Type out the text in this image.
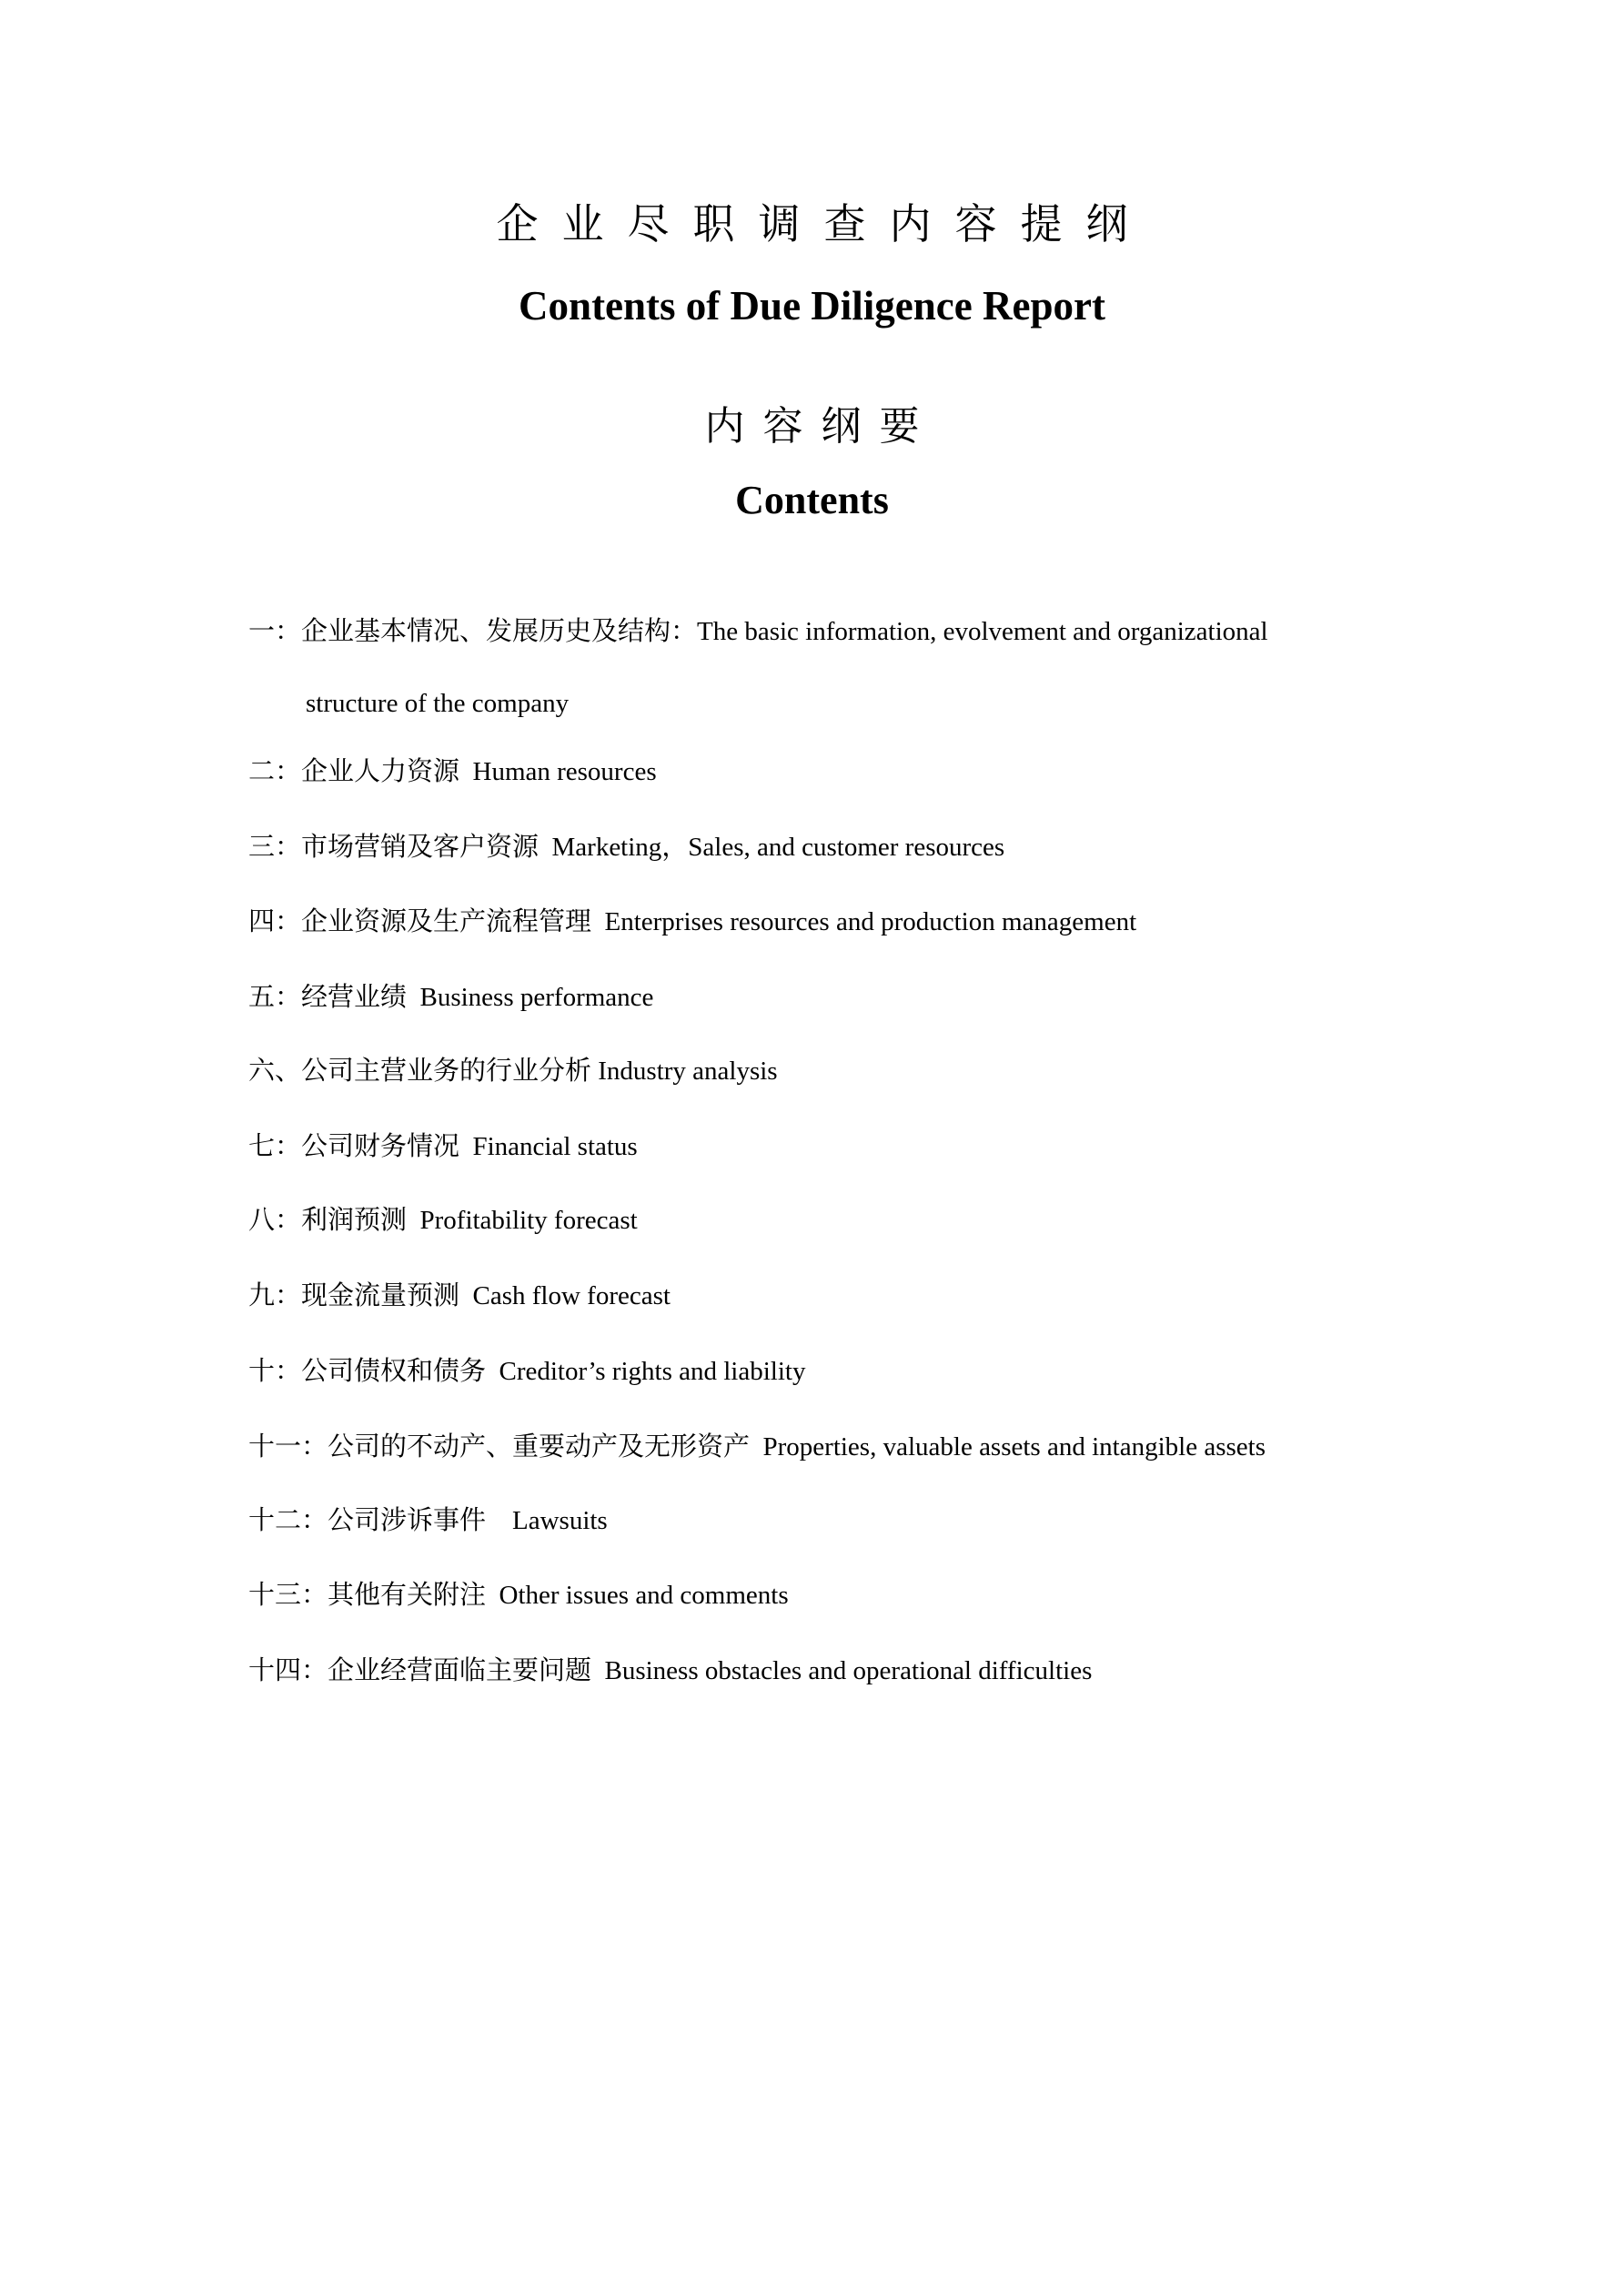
企业尽职调查内容提纲
Contents of Due Diligence Report
内容纲要
Contents
一：企业基本情况、发展历史及结构：The basic information, evolvement and organizational
structure of the company
二：企业人力资源  Human resources
三：市场营销及客户资源  Marketing，Sales, and customer resources
四：企业资源及生产流程管理  Enterprises resources and production management
五：经营业绩  Business performance
六、公司主营业务的行业分析 Industry analysis
七：公司财务情况  Financial status
八：利润预测  Profitability forecast
九：现金流量预测  Cash flow forecast
十：公司债权和债务  Creditor’s rights and liability
十一：公司的不动产、重要动产及无形资产  Properties, valuable assets and intangible assets
十二：公司涉诉事件    Lawsuits
十三：其他有关附注  Other issues and comments
十四：企业经营面临主要问题  Business obstacles and operational difficulties
